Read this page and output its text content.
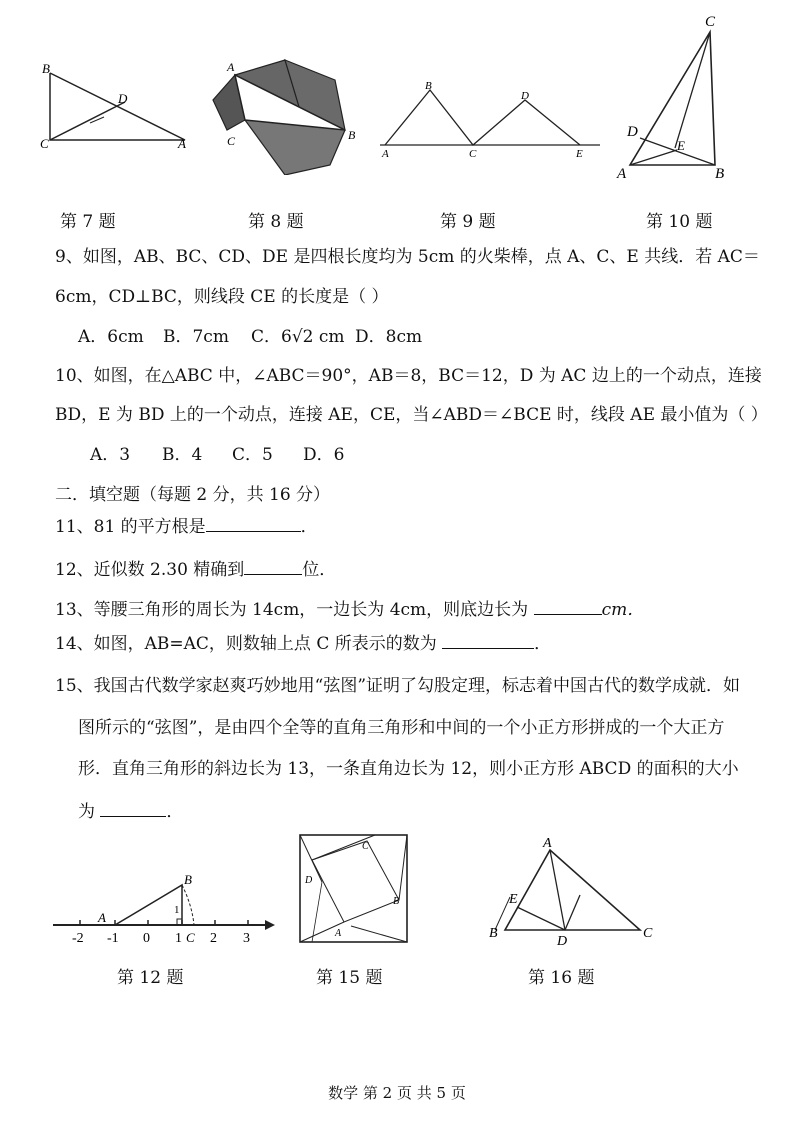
B
C
D
A
A
C	B
B
D
A	C	E
C
D
E
A	B
第 7 题	第 8 题	第 9 题	第 10 题
9、如图，AB、BC、CD、DE 是四根长度均为 5cm 的火柴棒，点 A、C、E 共线．若 AC＝
6cm，CD⊥BC，则线段 CE 的长度是（ ）
A．6cm B．7cm C．6√2 cm D．8cm
10、如图，在△ABC 中，∠ABC＝90°，AB＝8，BC＝12，D 为 AC 边上的一个动点，连接
BD，E 为 BD 上的一个动点，连接 AE，CE，当∠ABD＝∠BCE 时，线段 AE 最小值为（ ）
A．3 B．4 C．5 D．6
二．填空题（每题 2 分，共 16 分）
11、81 的平方根是	．
12、近似数 2.30 精确到	位．
13、等腰三角形的周长为 14cm，一边长为 4cm，则底边长为	cm．
14、如图，AB=AC，则数轴上点 C 所表示的数为	．
15、我国古代数学家赵爽巧妙地用“弦图”证明了勾股定理，标志着中国古代的数学成就．如
图所示的“弦图”，是由四个全等的直角三角形和中间的一个小正方形拼成的一个大正方
形．直角三角形的斜边长为 13，一条直角边长为 12，则小正方形 ABCD 的面积的大小
为	．
A
B
1
C
-2 -1 0 1 2 3
C
D
B
A
A
E
B
D
C
第 12 题	第 15 题	第 16 题
数学 第 2 页 共 5 页
